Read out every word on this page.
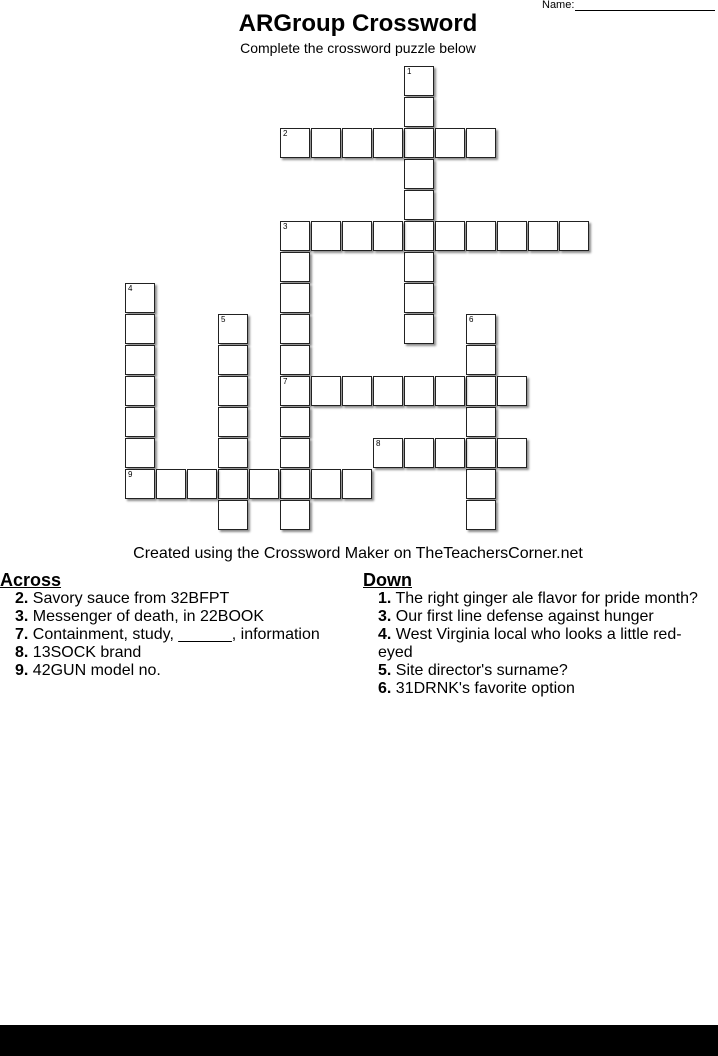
Name:
ARGroup Crossword
Complete the crossword puzzle below
1
2
3
7
4
9
5	6
8
Created using the Crossword Maker on TheTeachersCorner.net
Across
2. Savory sauce from 32BFPT
3. Messenger of death, in 22BOOK
7. Containment, study, ______, information
8. 13SOCK brand
9. 42GUN model no.
Down
1. The right ginger ale flavor for pride month?
3. Our first line defense against hunger
4. West Virginia local who looks a little red-eyed
5. Site director's surname?
6. 31DRNK's favorite option
